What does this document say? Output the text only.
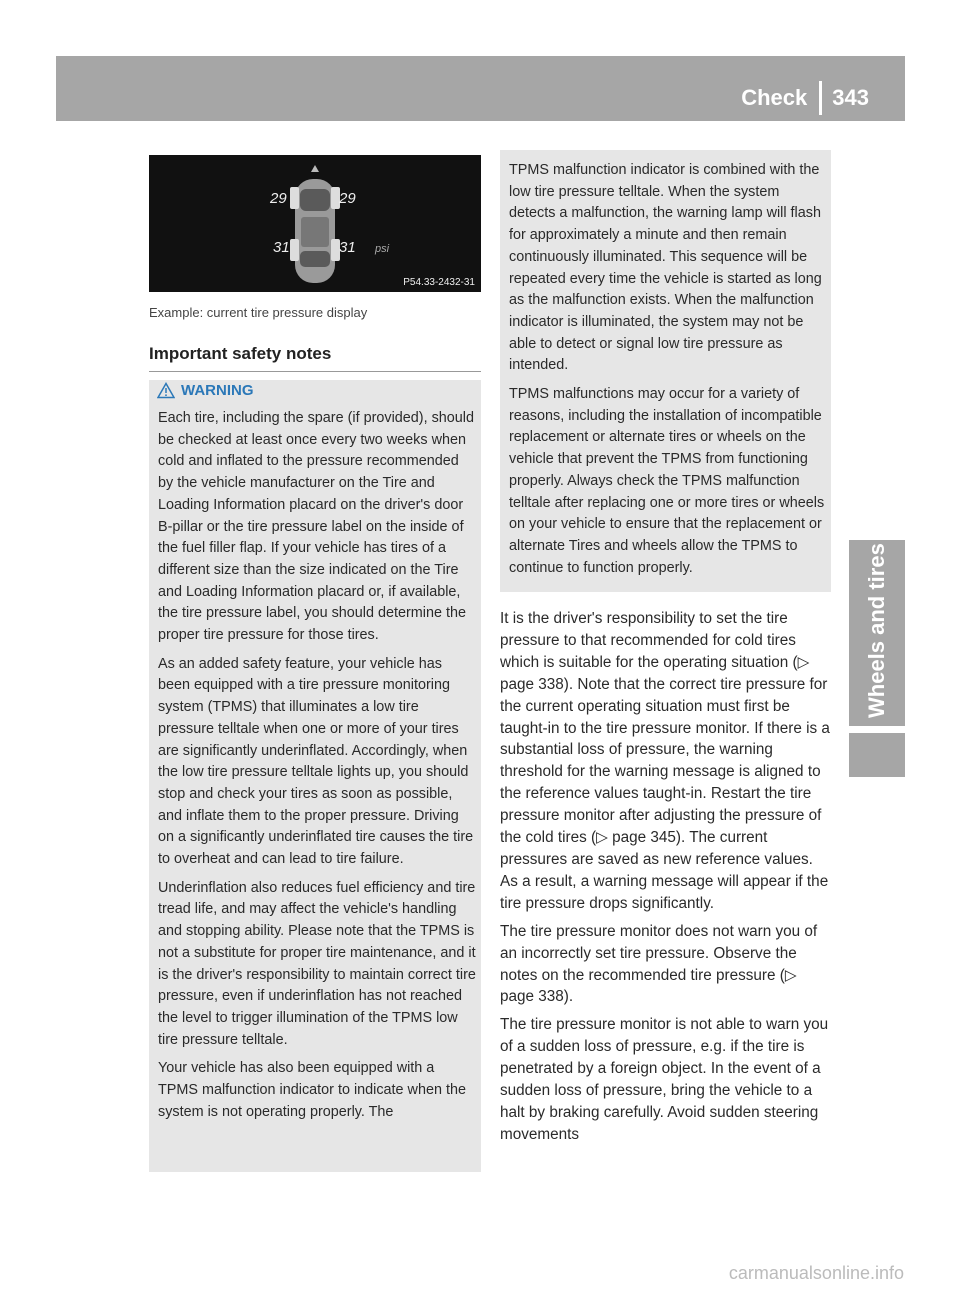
Check 343
Wheels and tires
29	29
31	31 psi
P54.33-2432-31
Example: current tire pressure display
Important safety notes
WARNING

Each tire, including the spare (if provided), should be checked at least once every two weeks when cold and inflated to the pressure recommended by the vehicle manufacturer on the Tire and Loading Information placard on the driver's door B-pillar or the tire pressure label on the inside of the fuel filler flap. If your vehicle has tires of a different size than the size indicated on the Tire and Loading Information placard or, if available, the tire pressure label, you should determine the proper tire pressure for those tires.

As an added safety feature, your vehicle has been equipped with a tire pressure monitoring system (TPMS) that illuminates a low tire pressure telltale when one or more of your tires are significantly underinflated. Accordingly, when the low tire pressure telltale lights up, you should stop and check your tires as soon as possible, and inflate them to the proper pressure. Driving on a significantly underinflated tire causes the tire to overheat and can lead to tire failure.

Underinflation also reduces fuel efficiency and tire tread life, and may affect the vehicle's handling and stopping ability. Please note that the TPMS is not a substitute for proper tire maintenance, and it is the driver's responsibility to maintain correct tire pressure, even if underinflation has not reached the level to trigger illumination of the TPMS low tire pressure telltale.

Your vehicle has also been equipped with a TPMS malfunction indicator to indicate when the system is not operating properly. The

TPMS malfunction indicator is combined with the low tire pressure telltale. When the system detects a malfunction, the warning lamp will flash for approximately a minute and then remain continuously illuminated. This sequence will be repeated every time the vehicle is started as long as the malfunction exists. When the malfunction indicator is illuminated, the system may not be able to detect or signal low tire pressure as intended.

TPMS malfunctions may occur for a variety of reasons, including the installation of incompatible replacement or alternate tires or wheels on the vehicle that prevent the TPMS from functioning properly. Always check the TPMS malfunction telltale after replacing one or more tires or wheels on your vehicle to ensure that the replacement or alternate Tires and wheels allow the TPMS to continue to function properly.

It is the driver's responsibility to set the tire pressure to that recommended for cold tires which is suitable for the operating situation (▷ page 338). Note that the correct tire pressure for the current operating situation must first be taught-in to the tire pressure monitor. If there is a substantial loss of pressure, the warning threshold for the warning message is aligned to the reference values taught-in. Restart the tire pressure monitor after adjusting the pressure of the cold tires (▷ page 345). The current pressures are saved as new reference values. As a result, a warning message will appear if the tire pressure drops significantly.

The tire pressure monitor does not warn you of an incorrectly set tire pressure. Observe the notes on the recommended tire pressure (▷ page 338).

The tire pressure monitor is not able to warn you of a sudden loss of pressure, e.g. if the tire is penetrated by a foreign object. In the event of a sudden loss of pressure, bring the vehicle to a halt by braking carefully. Avoid sudden steering movements

carmanualsonline.info
